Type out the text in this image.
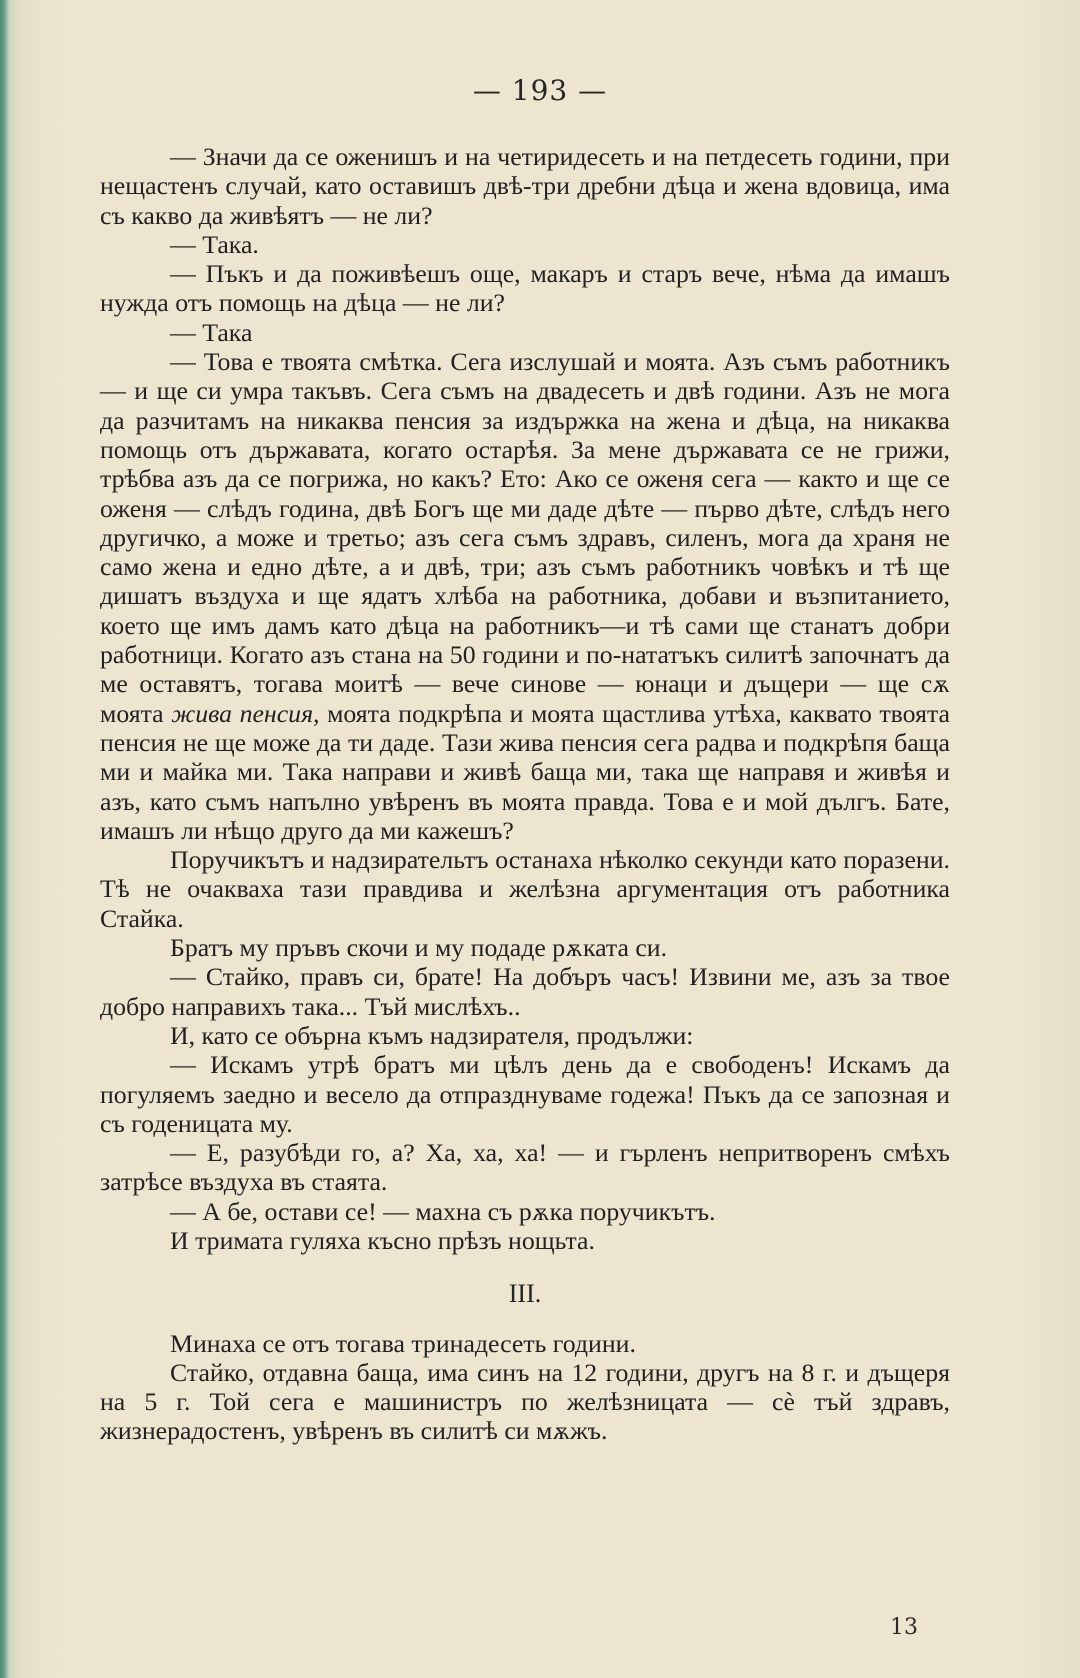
— 193 —

— Значи да се оженишъ и на четиридесеть и на петдесеть години, при нещастенъ случай, като оставишъ двѣ-три дребни дѣца и жена вдовица, има съ какво да живѣятъ — не ли?

— Така.

— Пъкъ и да поживѣешъ още, макаръ и старъ вече, нѣма да имашъ нужда отъ помощь на дѣца — не ли?

— Така

— Това е твоята смѣтка. Сега изслушай и моята. Азъ съмъ работникъ — и ще си умра такъвъ. Сега съмъ на двадесеть и двѣ години. Азъ не мога да разчитамъ на никаква пенсия за издържка на жена и дѣца, на никаква помощь отъ държавата, когато остарѣя. За мене държавата се не грижи, трѣбва азъ да се погрижа, но какъ? Ето: Ако се оженя сега — както и ще се оженя — слѣдъ година, двѣ Богъ ще ми даде дѣте — първо дѣте, слѣдъ него другичко, а може и третьо; азъ сега съмъ здравъ, силенъ, мога да храня не само жена и едно дѣте, а и двѣ, три; азъ съмъ работникъ човѣкъ и тѣ ще дишатъ въздуха и ще ядатъ хлѣба на работника, добави и възпитанието, което ще имъ дамъ като дѣца на работникъ—и тѣ сами ще станатъ добри работници. Когато азъ стана на 50 години и по-нататъкъ силитѣ започнатъ да ме оставятъ, тогава моитѣ — вече синове — юнаци и дъщери — ще сѫ моята жива пенсия, моята подкрѣпа и моята щастлива утѣха, каквато твоята пенсия не ще може да ти даде. Тази жива пенсия сега радва и подкрѣпя баща ми и майка ми. Така направи и живѣ баща ми, така ще направя и живѣя и азъ, като съмъ напълно увѣренъ въ моята правда. Това е и мой дългъ. Бате, имашъ ли нѣщо друго да ми кажешъ?

Поручикътъ и надзирательтъ останаха нѣколко секунди като поразени. Тѣ не очакваха тази правдива и желѣзна аргументация отъ работника Стайка.

Братъ му пръвъ скочи и му подаде рѫката си.

— Стайко, правъ си, брате! На добъръ часъ! Извини ме, азъ за твое добро направихъ така... Тъй мислѣхъ..

И, като се обърна къмъ надзирателя, продължи:

— Искамъ утрѣ братъ ми цѣлъ день да е свободенъ! Искамъ да погуляемъ заедно и весело да отпразднуваме годежа! Пъкъ да се запозная и съ годеницата му.

— Е, разубѣди го, а? Ха, ха, ха! — и гърленъ непритворенъ смѣхъ затрѣсе въздуха въ стаята.

— А бе, остави се! — махна съ рѫка поручикътъ.

И тримата гуляха късно прѣзъ нощьта.

III.

Минаха се отъ тогава тринадесеть години.

Стайко, отдавна баща, има синъ на 12 години, другъ на 8 г. и дъщеря на 5 г. Той сега е машинистръ по желѣзницата — сѐ тъй здравъ, жизнерадостенъ, увѣренъ въ силитѣ си мѫжъ.

13
